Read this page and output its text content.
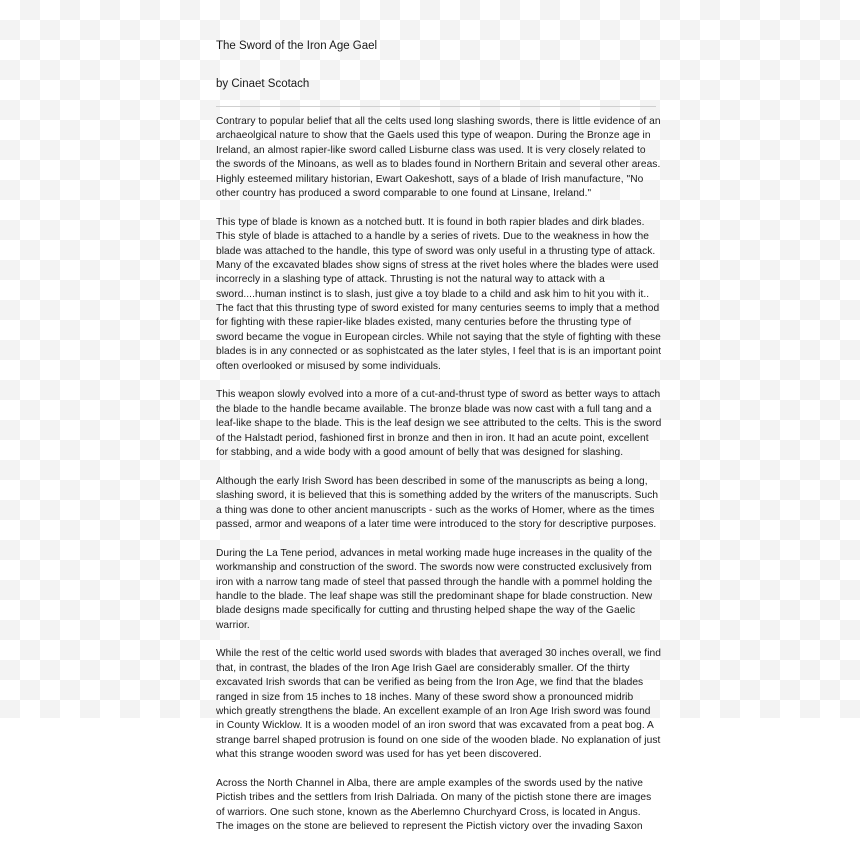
The Sword of the Iron Age Gael
by Cinaet Scotach
Contrary to popular belief that all the celts used long slashing swords, there is little evidence of an
archaeolgical nature to show that the Gaels used this type of weapon. During the Bronze age in
Ireland, an almost rapier-like sword called Lisburne class was used. It is very closely related to
the swords of the Minoans, as well as to blades found in Northern Britain and several other areas.
Highly esteemed military historian, Ewart Oakeshott, says of a blade of Irish manufacture, "No
other country has produced a sword comparable to one found at Linsane, Ireland."
This type of blade is known as a notched butt. It is found in both rapier blades and dirk blades.
This style of blade is attached to a handle by a series of rivets. Due to the weakness in how the
blade was attached to the handle, this type of sword was only useful in a thrusting type of attack.
Many of the excavated blades show signs of stress at the rivet holes where the blades were used
incorrecly in a slashing type of attack. Thrusting is not the natural way to attack with a
sword....human instinct is to slash, just give a toy blade to a child and ask him to hit you with it..
The fact that this thrusting type of sword existed for many centuries seems to imply that a method
for fighting with these rapier-like blades existed, many centuries before the thrusting type of
sword became the vogue in European circles. While not saying that the style of fighting with these
blades is in any connected or as sophistcated as the later styles, I feel that is is an important point
often overlooked or misused by some individuals.
This weapon slowly evolved into a more of a cut-and-thrust type of sword as better ways to attach
the blade to the handle became available. The bronze blade was now cast with a full tang and a
leaf-like shape to the blade. This is the leaf design we see attributed to the celts. This is the sword
of the Halstadt period, fashioned first in bronze and then in iron. It had an acute point, excellent
for stabbing, and a wide body with a good amount of belly that was designed for slashing.
Although the early Irish Sword has been described in some of the manuscripts as being a long,
slashing sword, it is believed that this is something added by the writers of the manuscripts. Such
a thing was done to other ancient manuscripts - such as the works of Homer, where as the times
passed, armor and weapons of a later time were introduced to the story for descriptive purposes.
During the La Tene period, advances in metal working made huge increases in the quality of the
workmanship and construction of the sword. The swords now were constructed exclusively from
iron with a narrow tang made of steel that passed through the handle with a pommel holding the
handle to the blade. The leaf shape was still the predominant shape for blade construction. New
blade designs made specifically for cutting and thrusting helped shape the way of the Gaelic
warrior.
While the rest of the celtic world used swords with blades that averaged 30 inches overall, we find
that, in contrast, the blades of the Iron Age Irish Gael are considerably smaller. Of the thirty
excavated Irish swords that can be verified as being from the Iron Age, we find that the blades
ranged in size from 15 inches to 18 inches. Many of these sword show a pronounced midrib
which greatly strengthens the blade. An excellent example of an Iron Age Irish sword was found
in County Wicklow. It is a wooden model of an iron sword that was excavated from a peat bog. A
strange barrel shaped protrusion is found on one side of the wooden blade. No explanation of just
what this strange wooden sword was used for has yet been discovered.
Across the North Channel in Alba, there are ample examples of the swords used by the native
Pictish tribes and the settlers from Irish Dalriada. On many of the pictish stone there are images
of warriors. One such stone, known as the Aberlemno Churchyard Cross, is located in Angus.
The images on the stone are believed to represent the Pictish victory over the invading Saxon
